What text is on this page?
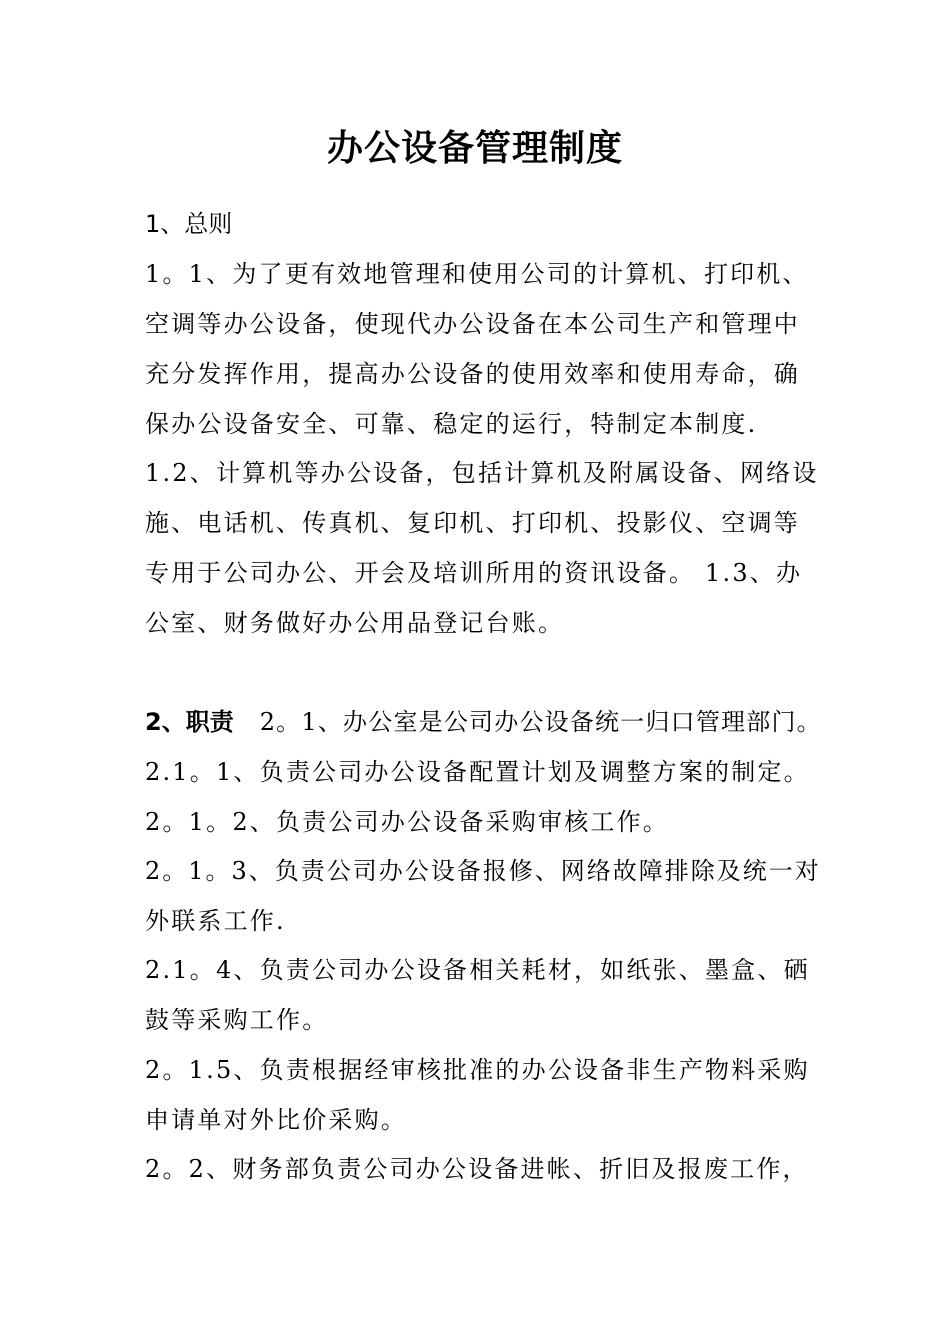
办公设备管理制度
1、总则
1。1、为了更有效地管理和使用公司的计算机、打印机、
空调等办公设备，使现代办公设备在本公司生产和管理中
充分发挥作用，提高办公设备的使用效率和使用寿命，确
保办公设备安全、可靠、稳定的运行，特制定本制度.
1.2、计算机等办公设备，包括计算机及附属设备、网络设
施、电话机、传真机、复印机、打印机、投影仪、空调等
专用于公司办公、开会及培训所用的资讯设备。 1.3、办
公室、财务做好办公用品登记台账。
2、职责 2。1、办公室是公司办公设备统一归口管理部门。
2.1。1、负责公司办公设备配置计划及调整方案的制定。
2。1。2、负责公司办公设备采购审核工作。
2。1。3、负责公司办公设备报修、网络故障排除及统一对
外联系工作.
2.1。4、负责公司办公设备相关耗材，如纸张、墨盒、硒
鼓等采购工作。
2。1.5、负责根据经审核批准的办公设备非生产物料采购
申请单对外比价采购。
2。2、财务部负责公司办公设备进帐、折旧及报废工作，
